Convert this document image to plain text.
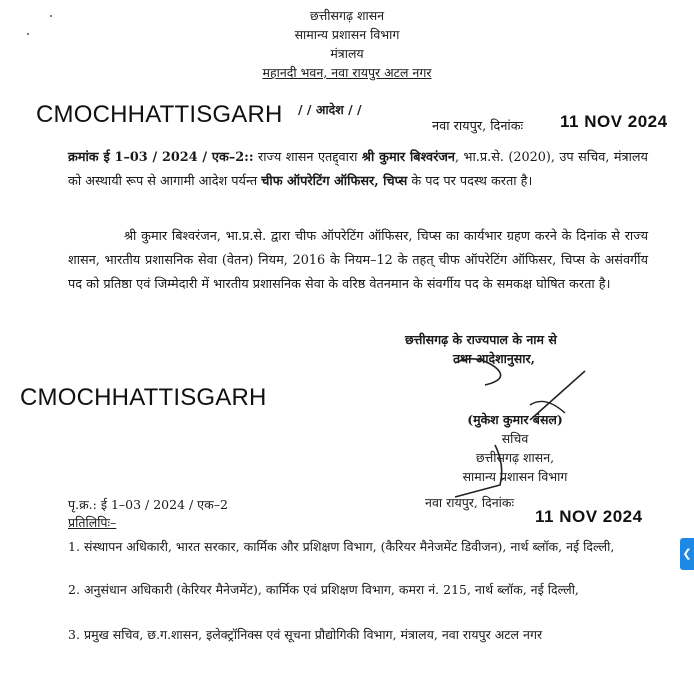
छत्तीसगढ़ शासन
सामान्य प्रशासन विभाग
मंत्रालय
महानदी भवन, नवा रायपुर अटल नगर
CMOCHHATTISGARH / / आदेश / /
नवा रायपुर, दिनांकः 11 NOV 2024
क्रमांक ई 1–03 / 2024 / एक–2:: राज्य शासन एतद्द्वारा श्री कुमार बिश्वरंजन, भा.प्र.से. (2020), उप सचिव, मंत्रालय को अस्थायी रूप से आगामी आदेश पर्यन्त चीफ ऑपरेटिंग ऑफिसर, चिप्स के पद पर पदस्थ करता है।
श्री कुमार बिश्वरंजन, भा.प्र.से. द्वारा चीफ ऑपरेटिंग ऑफिसर, चिप्स का कार्यभार ग्रहण करने के दिनांक से राज्य शासन, भारतीय प्रशासनिक सेवा (वेतन) नियम, 2016 के नियम–12 के तहत् चीफ ऑपरेटिंग ऑफिसर, चिप्स के असंवर्गीय पद को प्रतिष्ठा एवं जिम्मेदारी में भारतीय प्रशासनिक सेवा के वरिष्ठ वेतनमान के संवर्गीय पद के समकक्ष घोषित करता है।
छत्तीसगढ़ के राज्यपाल के नाम से
तथा आदेशानुसार,
CMOCHHATTISGARH
(मुकेश कुमार बंसल)
सचिव
छत्तीसगढ़ शासन,
सामान्य प्रशासन विभाग
पृ.क्र.: ई 1–03 / 2024 / एक–2	नवा रायपुर, दिनांकः
11 NOV 2024
प्रतिलिपिः–
1. संस्थापन अधिकारी, भारत सरकार, कार्मिक और प्रशिक्षण विभाग, (कैरियर मैनेजमेंट डिवीजन), नार्थ ब्लॉक, नई दिल्ली,
2. अनुसंधान अधिकारी (केरियर मैनेजमेंट), कार्मिक एवं प्रशिक्षण विभाग, कमरा नं. 215, नार्थ ब्लॉक, नई दिल्ली,
3. प्रमुख सचिव, छ.ग.शासन, इलेक्ट्रॉनिक्स एवं सूचना प्रौद्योगिकी विभाग, मंत्रालय, नवा रायपुर अटल नगर
❮
